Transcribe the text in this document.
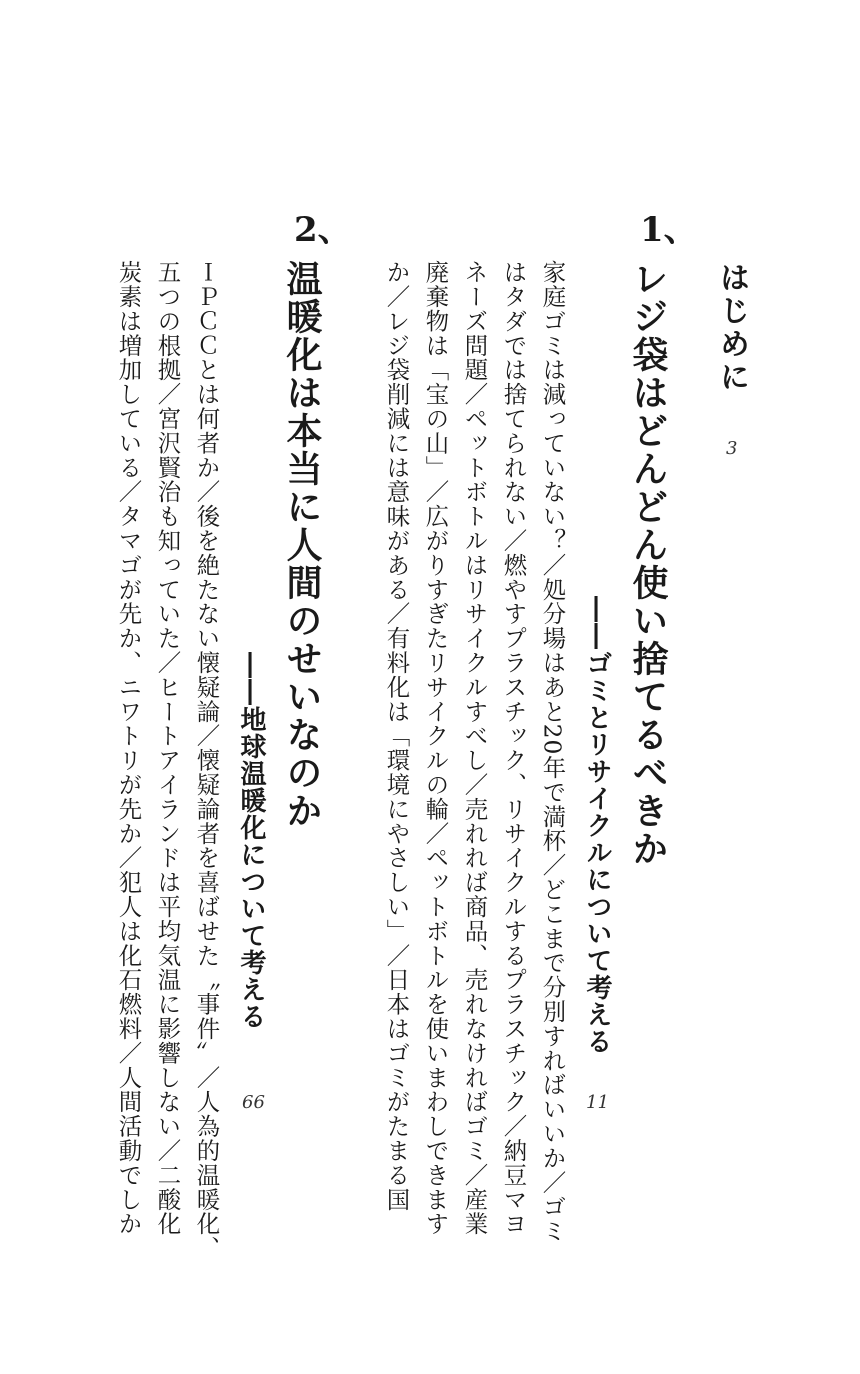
はじめに
3
1、
レジ袋はどんどん使い捨てるべきか
――ゴミとリサイクルについて考える
11
家庭ゴミは減っていない？／処分場はあと20年で満杯／どこまで分別すればいいか／ゴミ
はタダでは捨てられない／燃やすプラスチック、リサイクルするプラスチック／納豆マヨ
ネーズ問題／ペットボトルはリサイクルすべし／売れれば商品、売れなければゴミ／産業
廃棄物は「宝の山」／広がりすぎたリサイクルの輪／ペットボトルを使いまわしできます
か／レジ袋削減には意味がある／有料化は「環境にやさしい」／日本はゴミがたまる国
2、
温暖化は本当に人間のせいなのか
――地球温暖化について考える
66
ＩＰＣＣとは何者か／後を絶たない懐疑論／懐疑論者を喜ばせた〝事件〟／人為的温暖化、
五つの根拠／宮沢賢治も知っていた／ヒートアイランドは平均気温に影響しない／二酸化
炭素は増加している／タマゴが先か、ニワトリが先か／犯人は化石燃料／人間活動でしか
